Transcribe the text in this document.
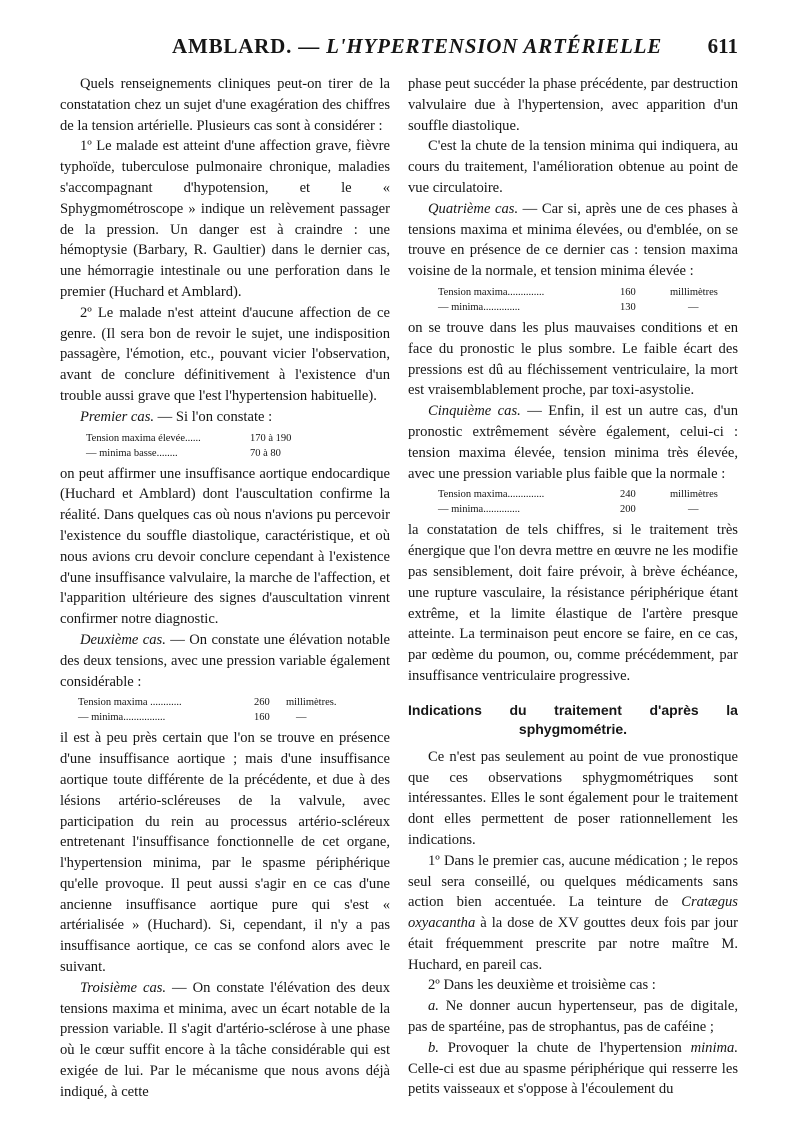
AMBLARD. — L'HYPERTENSION ARTÉRIELLE 611

Quels renseignements cliniques peut-on tirer de la constatation chez un sujet d'une exagération des chiffres de la tension artérielle. Plusieurs cas sont à considérer :

1º Le malade est atteint d'une affection grave, fièvre typhoïde, tuberculose pulmonaire chronique, maladies s'accompagnant d'hypotension, et le « Sphygmométroscope » indique un relèvement passager de la pression. Un danger est à craindre : une hémoptysie (Barbary, R. Gaultier) dans le dernier cas, une hémorragie intestinale ou une perforation dans le premier (Huchard et Amblard).

2º Le malade n'est atteint d'aucune affection de ce genre. (Il sera bon de revoir le sujet, une indisposition passagère, l'émotion, etc., pouvant vicier l'observation, avant de conclure définitivement à l'existence d'un trouble aussi grave que l'est l'hypertension habituelle).

Premier cas. — Si l'on constate :

Tension maxima élevée......	170 à 190
— minima basse........	70 à 80

on peut affirmer une insuffisance aortique endocardique (Huchard et Amblard) dont l'auscultation confirme la réalité. Dans quelques cas où nous n'avions pu percevoir l'existence du souffle diastolique, caractéristique, et où nous avions cru devoir conclure cependant à l'existence d'une insuffisance valvulaire, la marche de l'affection, et l'apparition ultérieure des signes d'auscultation vinrent confirmer notre diagnostic.

Deuxième cas. — On constate une élévation notable des deux tensions, avec une pression variable également considérable :

Tension maxima ............	260	millimètres.
— minima................	160	—

il est à peu près certain que l'on se trouve en présence d'une insuffisance aortique ; mais d'une insuffisance aortique toute différente de la précédente, et due à des lésions artério-scléreuses de la valvule, avec participation du rein au processus artério-scléreux entretenant l'insuffisance fonctionnelle de cet organe, l'hypertension minima, par le spasme périphérique qu'elle provoque. Il peut aussi s'agir en ce cas d'une ancienne insuffisance aortique pure qui s'est « artérialisée » (Huchard). Si, cependant, il n'y a pas insuffisance aortique, ce cas se confond alors avec le suivant.

Troisième cas. — On constate l'élévation des deux tensions maxima et minima, avec un écart notable de la pression variable. Il s'agit d'artério-sclérose à une phase où le cœur suffit encore à la tâche considérable qui est exigée de lui. Par le mécanisme que nous avons déjà indiqué, à cette

phase peut succéder la phase précédente, par destruction valvulaire due à l'hypertension, avec apparition d'un souffle diastolique.

C'est la chute de la tension minima qui indiquera, au cours du traitement, l'amélioration obtenue au point de vue circulatoire.

Quatrième cas. — Car si, après une de ces phases à tensions maxima et minima élevées, ou d'emblée, on se trouve en présence de ce dernier cas : tension maxima voisine de la normale, et tension minima élevée :

Tension maxima..............	160	millimètres
— minima..............	130	—

on se trouve dans les plus mauvaises conditions et en face du pronostic le plus sombre. Le faible écart des pressions est dû au fléchissement ventriculaire, la mort est vraisemblablement proche, par toxi-asystolie.

Cinquième cas. — Enfin, il est un autre cas, d'un pronostic extrêmement sévère également, celui-ci : tension maxima élevée, tension minima très élevée, avec une pression variable plus faible que la normale :

Tension maxima..............	240	millimètres
— minima..............	200	—

la constatation de tels chiffres, si le traitement très énergique que l'on devra mettre en œuvre ne les modifie pas sensiblement, doit faire prévoir, à brève échéance, une rupture vasculaire, la résistance périphérique étant extrême, et la limite élastique de l'artère presque atteinte. La terminaison peut encore se faire, en ce cas, par œdème du poumon, ou, comme précédemment, par insuffisance ventriculaire progressive.

Indications du traitement d'après la
sphygmométrie.

Ce n'est pas seulement au point de vue pronostique que ces observations sphygmométriques sont intéressantes. Elles le sont également pour le traitement dont elles permettent de poser rationnellement les indications.

1º Dans le premier cas, aucune médication ; le repos seul sera conseillé, ou quelques médicaments sans action bien accentuée. La teinture de Cratægus oxyacantha à la dose de XV gouttes deux fois par jour était fréquemment prescrite par notre maître M. Huchard, en pareil cas.

2º Dans les deuxième et troisième cas :

a. Ne donner aucun hypertenseur, pas de digitale, pas de spartéine, pas de strophantus, pas de caféine ;

b. Provoquer la chute de l'hypertension minima. Celle-ci est due au spasme périphérique qui resserre les petits vaisseaux et s'oppose à l'écoulement du
